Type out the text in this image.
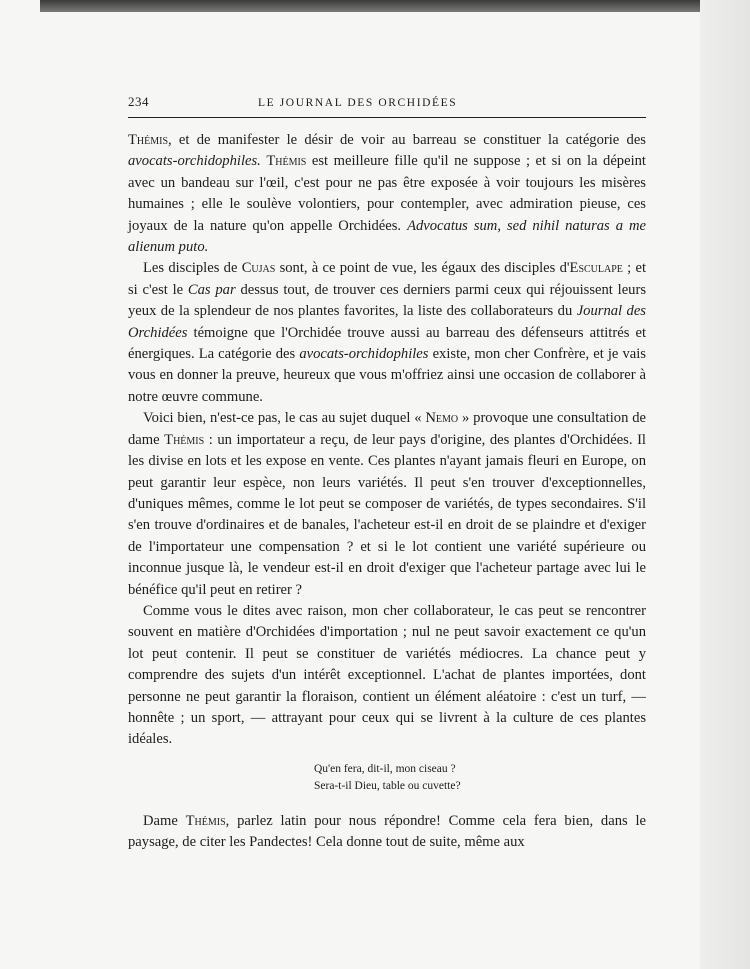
234	LE JOURNAL DES ORCHIDÉES

Thémis, et de manifester le désir de voir au barreau se constituer la catégorie des avocats-orchidophiles. Thémis est meilleure fille qu'il ne suppose ; et si on la dépeint avec un bandeau sur l'œil, c'est pour ne pas être exposée à voir toujours les misères humaines ; elle le soulève volontiers, pour contempler, avec admiration pieuse, ces joyaux de la nature qu'on appelle Orchidées. Advocatus sum, sed nihil naturas a me alienum puto.

Les disciples de Cujas sont, à ce point de vue, les égaux des disciples d'Esculape ; et si c'est le Cas par dessus tout, de trouver ces derniers parmi ceux qui réjouissent leurs yeux de la splendeur de nos plantes favorites, la liste des collaborateurs du Journal des Orchidées témoigne que l'Orchidée trouve aussi au barreau des défenseurs attitrés et énergiques. La catégorie des avocats-orchidophiles existe, mon cher Confrère, et je vais vous en donner la preuve, heureux que vous m'offriez ainsi une occasion de collaborer à notre œuvre commune.

Voici bien, n'est-ce pas, le cas au sujet duquel « Nemo » provoque une consultation de dame Thémis : un importateur a reçu, de leur pays d'origine, des plantes d'Orchidées. Il les divise en lots et les expose en vente. Ces plantes n'ayant jamais fleuri en Europe, on peut garantir leur espèce, non leurs variétés. Il peut s'en trouver d'exceptionnelles, d'uniques mêmes, comme le lot peut se composer de variétés, de types secondaires. S'il s'en trouve d'ordinaires et de banales, l'acheteur est-il en droit de se plaindre et d'exiger de l'importateur une compensation ? et si le lot contient une variété supérieure ou inconnue jusque là, le vendeur est-il en droit d'exiger que l'acheteur partage avec lui le bénéfice qu'il peut en retirer ?

Comme vous le dites avec raison, mon cher collaborateur, le cas peut se rencontrer souvent en matière d'Orchidées d'importation ; nul ne peut savoir exactement ce qu'un lot peut contenir. Il peut se constituer de variétés médiocres. La chance peut y comprendre des sujets d'un intérêt exceptionnel. L'achat de plantes importées, dont personne ne peut garantir la floraison, contient un élément aléatoire : c'est un turf, — honnête ; un sport, — attrayant pour ceux qui se livrent à la culture de ces plantes idéales.

Qu'en fera, dit-il, mon ciseau ?
Sera-t-il Dieu, table ou cuvette?

Dame Thémis, parlez latin pour nous répondre! Comme cela fera bien, dans le paysage, de citer les Pandectes! Cela donne tout de suite, même aux
